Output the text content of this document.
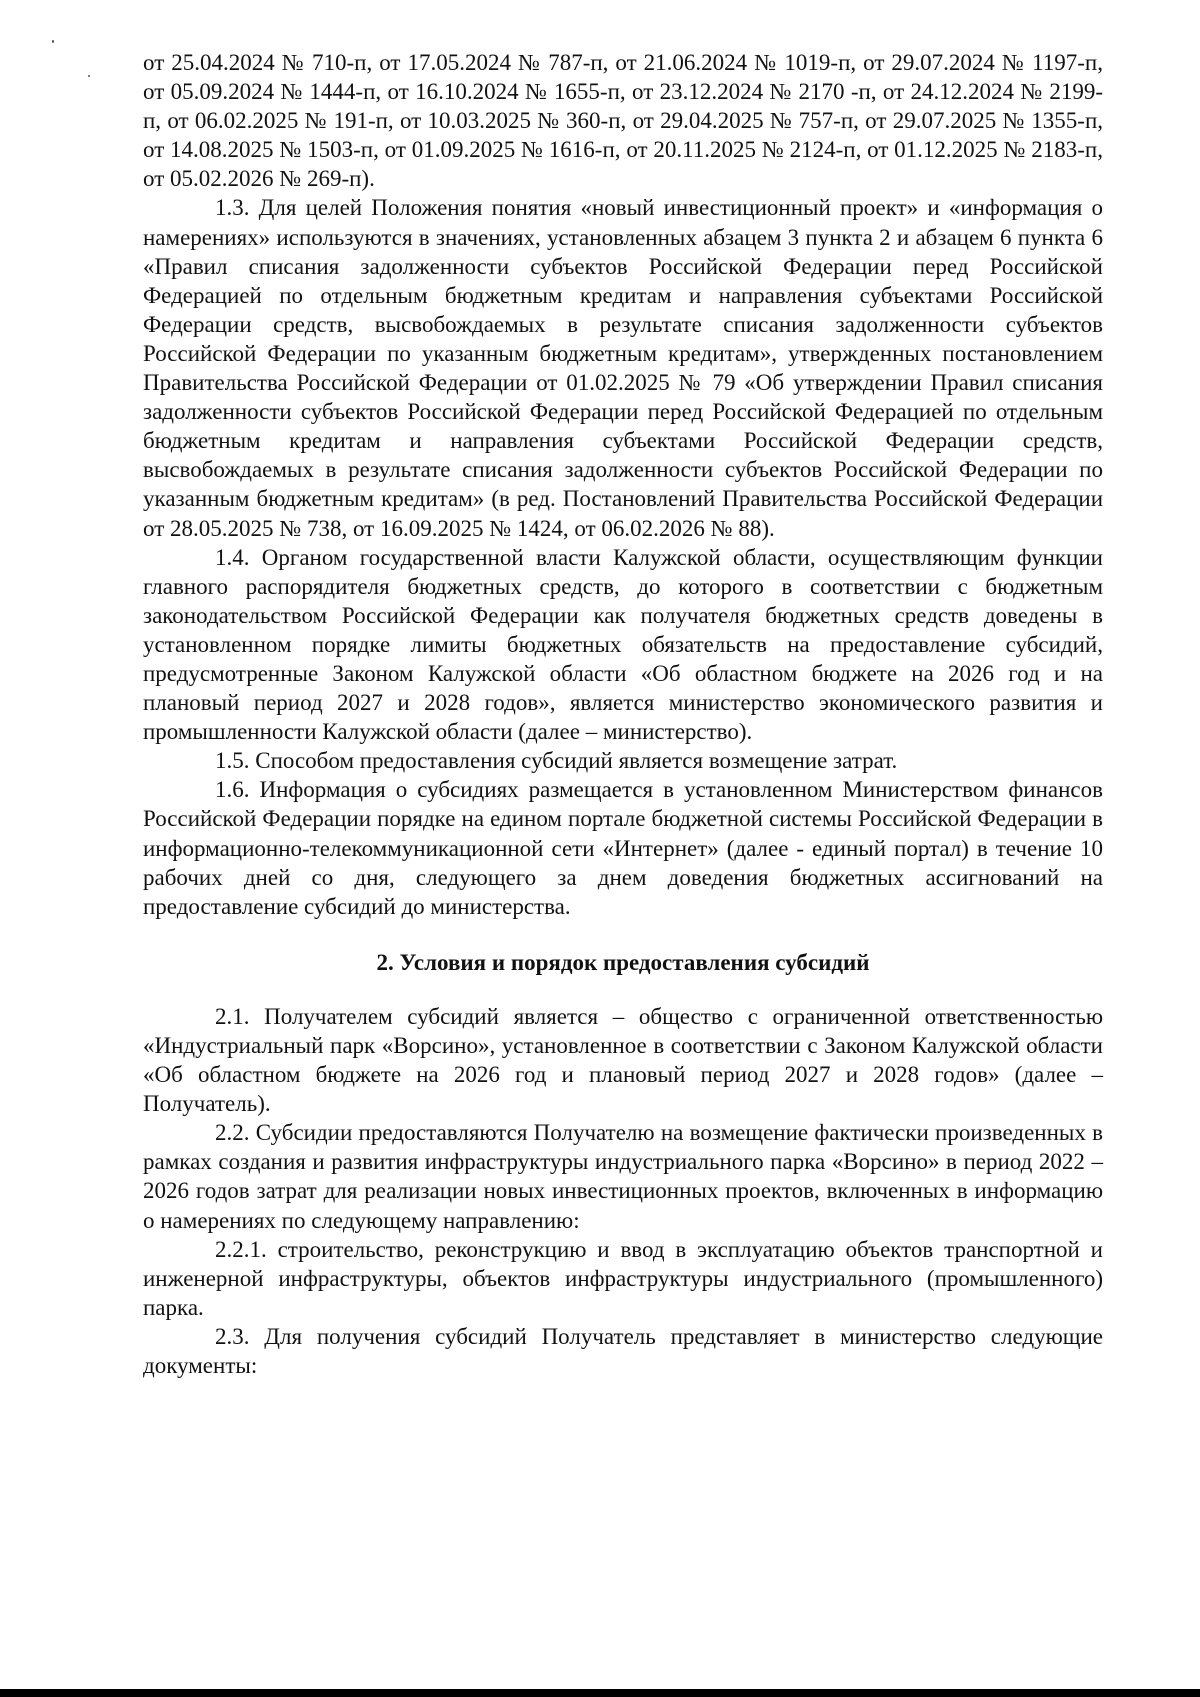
от 25.04.2024 № 710-п, от 17.05.2024 № 787-п, от 21.06.2024 № 1019-п, от 29.07.2024 № 1197-п, от 05.09.2024 № 1444-п, от 16.10.2024 № 1655-п, от 23.12.2024 № 2170 -п, от 24.12.2024 № 2199-п, от 06.02.2025 № 191-п, от 10.03.2025 № 360-п, от 29.04.2025 № 757-п, от 29.07.2025 № 1355-п, от 14.08.2025 № 1503-п, от 01.09.2025 № 1616-п, от 20.11.2025 № 2124-п, от 01.12.2025 № 2183-п, от 05.02.2026 № 269-п).

1.3. Для целей Положения понятия «новый инвестиционный проект» и «информация о намерениях» используются в значениях, установленных абзацем 3 пункта 2 и абзацем 6 пункта 6 «Правил списания задолженности субъектов Российской Федерации перед Российской Федерацией по отдельным бюджетным кредитам и направления субъектами Российской Федерации средств, высвобождаемых в результате списания задолженности субъектов Российской Федерации по указанным бюджетным кредитам», утвержденных постановлением Правительства Российской Федерации от 01.02.2025 № 79 «Об утверждении Правил списания задолженности субъектов Российской Федерации перед Российской Федерацией по отдельным бюджетным кредитам и направления субъектами Российской Федерации средств, высвобождаемых в результате списания задолженности субъектов Российской Федерации по указанным бюджетным кредитам» (в ред. Постановлений Правительства Российской Федерации от 28.05.2025 № 738, от 16.09.2025 № 1424, от 06.02.2026 № 88).

1.4. Органом государственной власти Калужской области, осуществляющим функции главного распорядителя бюджетных средств, до которого в соответствии с бюджетным законодательством Российской Федерации как получателя бюджетных средств доведены в установленном порядке лимиты бюджетных обязательств на предоставление субсидий, предусмотренные Законом Калужской области «Об областном бюджете на 2026 год и на плановый период 2027 и 2028 годов», является министерство экономического развития и промышленности Калужской области (далее – министерство).

1.5. Способом предоставления субсидий является возмещение затрат.

1.6. Информация о субсидиях размещается в установленном Министерством финансов Российской Федерации порядке на едином портале бюджетной системы Российской Федерации в информационно-телекоммуникационной сети «Интернет» (далее - единый портал) в течение 10 рабочих дней со дня, следующего за днем доведения бюджетных ассигнований на предоставление субсидий до министерства.

2. Условия и порядок предоставления субсидий

2.1. Получателем субсидий является – общество с ограниченной ответственностью «Индустриальный парк «Ворсино», установленное в соответствии с Законом Калужской области «Об областном бюджете на 2026 год и плановый период 2027 и 2028 годов» (далее – Получатель).

2.2. Субсидии предоставляются Получателю на возмещение фактически произведенных в рамках создания и развития инфраструктуры индустриального парка «Ворсино» в период 2022 – 2026 годов затрат для реализации новых инвестиционных проектов, включенных в информацию о намерениях по следующему направлению:

2.2.1. строительство, реконструкцию и ввод в эксплуатацию объектов транспортной и инженерной инфраструктуры, объектов инфраструктуры индустриального (промышленного) парка.

2.3. Для получения субсидий Получатель представляет в министерство следующие документы:
